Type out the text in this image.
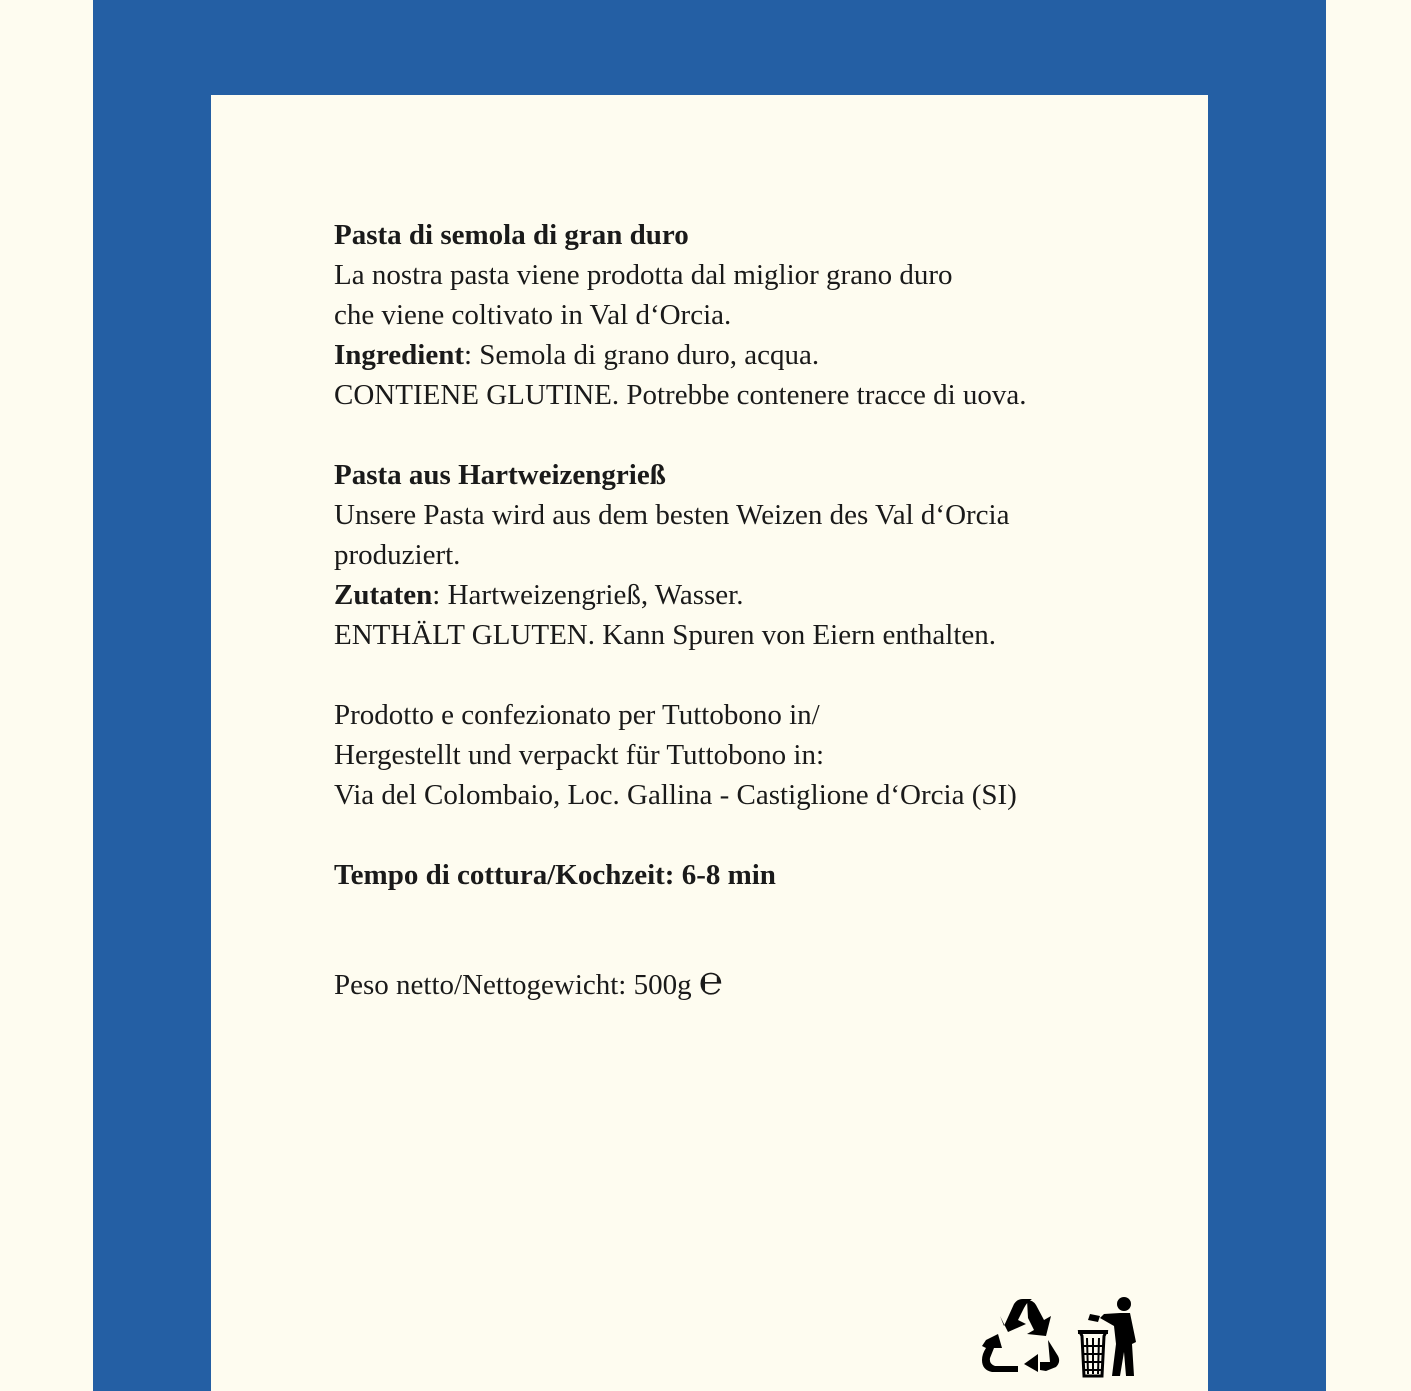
Pasta di semola di gran duro

La nostra pasta viene prodotta dal miglior grano duro

che viene coltivato in Val d‘Orcia.

Ingredient: Semola di grano duro, acqua.

CONTIENE GLUTINE. Potrebbe contenere tracce di uova.

Pasta aus Hartweizengrieß

Unsere Pasta wird aus dem besten Weizen des Val d‘Orcia

produziert.

Zutaten: Hartweizengrieß, Wasser.

ENTHÄLT GLUTEN. Kann Spuren von Eiern enthalten.

Prodotto e confezionato per Tuttobono in/

Hergestellt und verpackt für Tuttobono in:

Via del Colombaio, Loc. Gallina - Castiglione d‘Orcia (SI)

Tempo di cottura/Kochzeit: 6-8 min

Peso netto/Nettogewicht: 500g ℮
